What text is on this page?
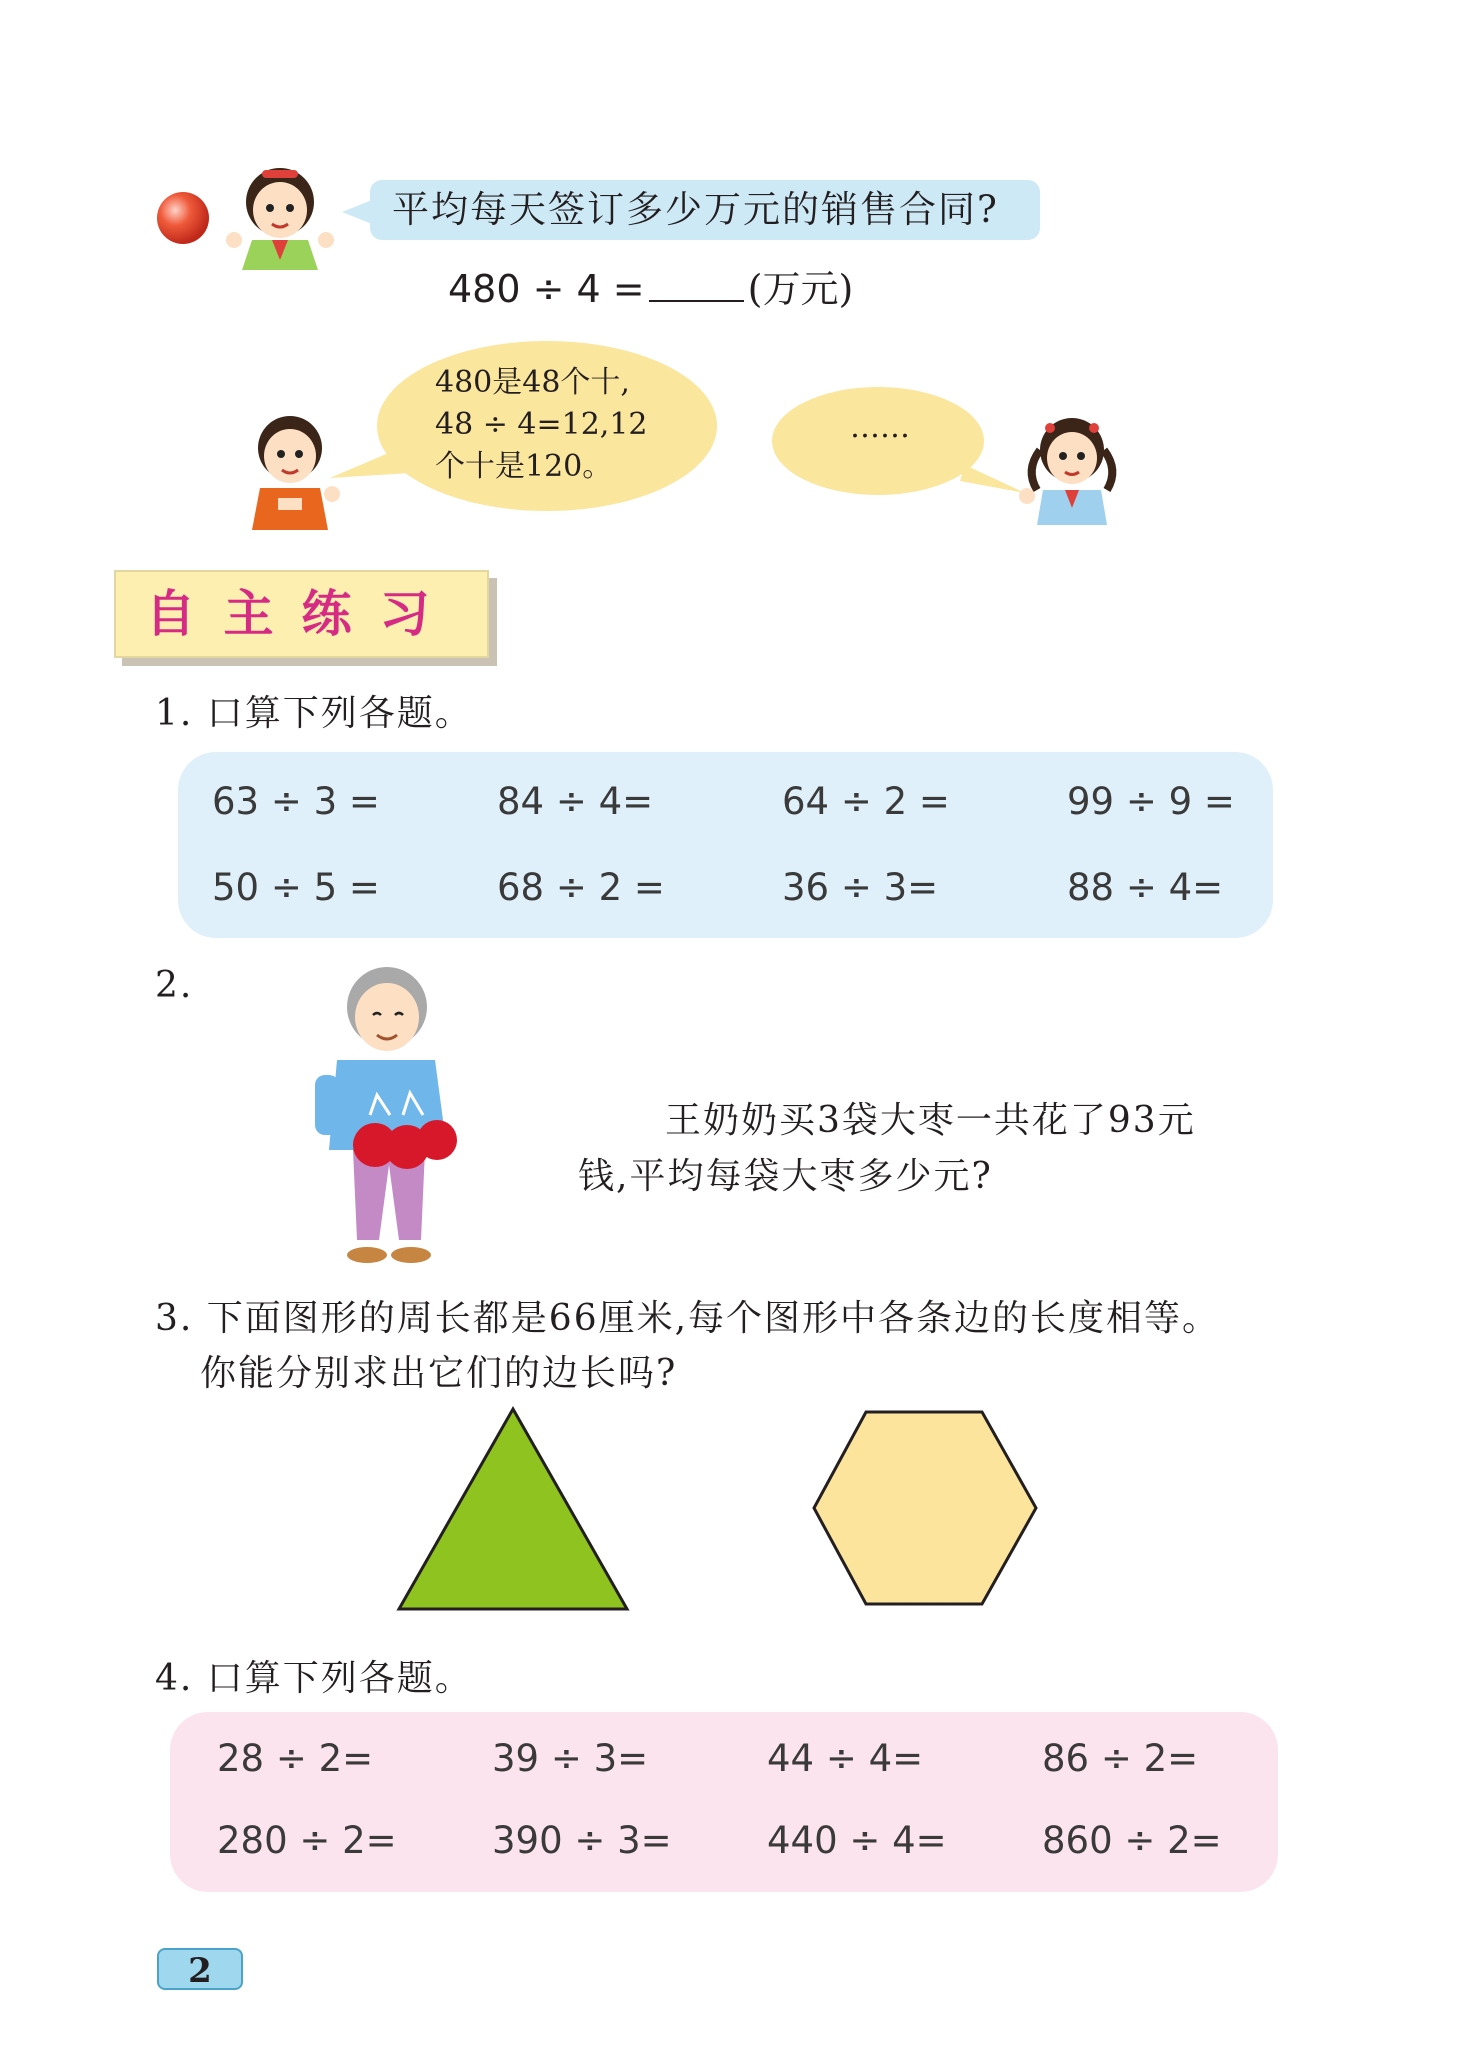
平均每天签订多少万元的销售合同?
480 ÷ 4 =	(万元)
480是48个十,
48 ÷ 4=12,12
个十是120。
……
自主练习
1. 口算下列各题。
63 ÷ 3 =	84 ÷ 4=	64 ÷ 2 =	99 ÷ 9 =
50 ÷ 5 =	68 ÷ 2 =	36 ÷ 3=	88 ÷ 4=
2.
王奶奶买3袋大枣一共花了93元
钱,平均每袋大枣多少元?
3. 下面图形的周长都是66厘米,每个图形中各条边的长度相等。
你能分别求出它们的边长吗?
4. 口算下列各题。
28 ÷ 2=	39 ÷ 3=	44 ÷ 4=	86 ÷ 2=
280 ÷ 2=	390 ÷ 3=	440 ÷ 4=	860 ÷ 2=
2
